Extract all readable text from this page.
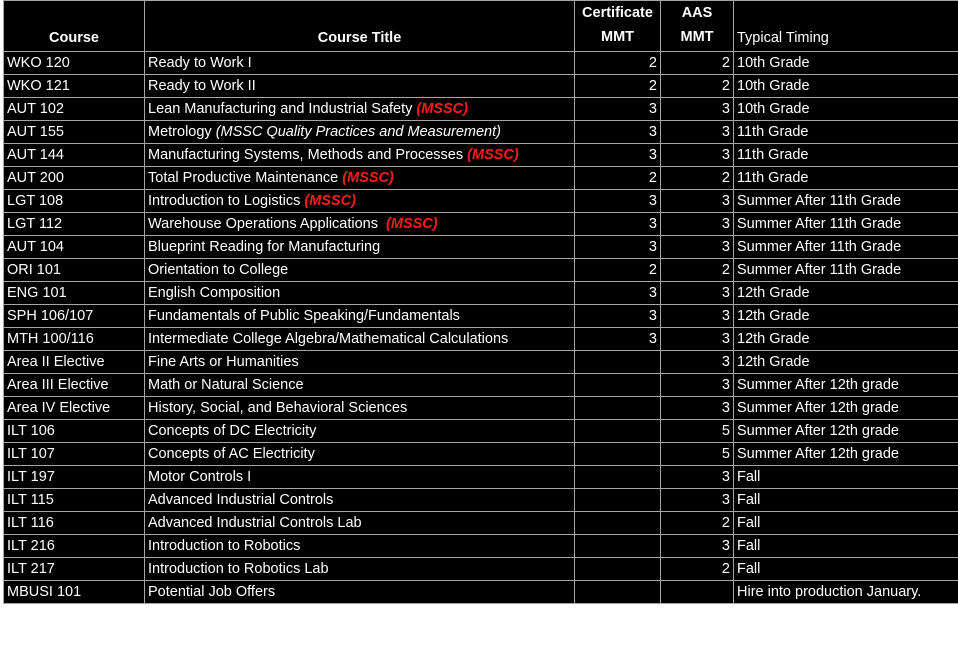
Course	Course Title	Certificate MMT	AAS MMT	Typical Timing
WKO 120	Ready to Work I	2	2	10th Grade
WKO 121	Ready to Work II	2	2	10th Grade
AUT 102	Lean Manufacturing and Industrial Safety (MSSC)	3	3	10th Grade
AUT 155	Metrology (MSSC Quality Practices and Measurement)	3	3	11th Grade
AUT 144	Manufacturing Systems, Methods and Processes (MSSC)	3	3	11th Grade
AUT 200	Total Productive Maintenance (MSSC)	2	2	11th Grade
LGT 108	Introduction to Logistics (MSSC)	3	3	Summer After 11th Grade
LGT 112	Warehouse Operations Applications  (MSSC)	3	3	Summer After 11th Grade
AUT 104	Blueprint Reading for Manufacturing	3	3	Summer After 11th Grade
ORI 101	Orientation to College	2	2	Summer After 11th Grade
ENG 101	English Composition	3	3	12th Grade
SPH 106/107	Fundamentals of Public Speaking/Fundamentals	3	3	12th Grade
MTH 100/116	Intermediate College Algebra/Mathematical Calculations	3	3	12th Grade
Area II Elective	Fine Arts or Humanities		3	12th Grade
Area III Elective	Math or Natural Science		3	Summer After 12th grade
Area IV Elective	History, Social, and Behavioral Sciences		3	Summer After 12th grade
ILT 106	Concepts of DC Electricity		5	Summer After 12th grade
ILT 107	Concepts of AC Electricity		5	Summer After 12th grade
ILT 197	Motor Controls I		3	Fall
ILT 115	Advanced Industrial Controls		3	Fall
ILT 116	Advanced Industrial Controls Lab		2	Fall
ILT 216	Introduction to Robotics		3	Fall
ILT 217	Introduction to Robotics Lab		2	Fall
MBUSI 101	Potential Job Offers			Hire into production January.
